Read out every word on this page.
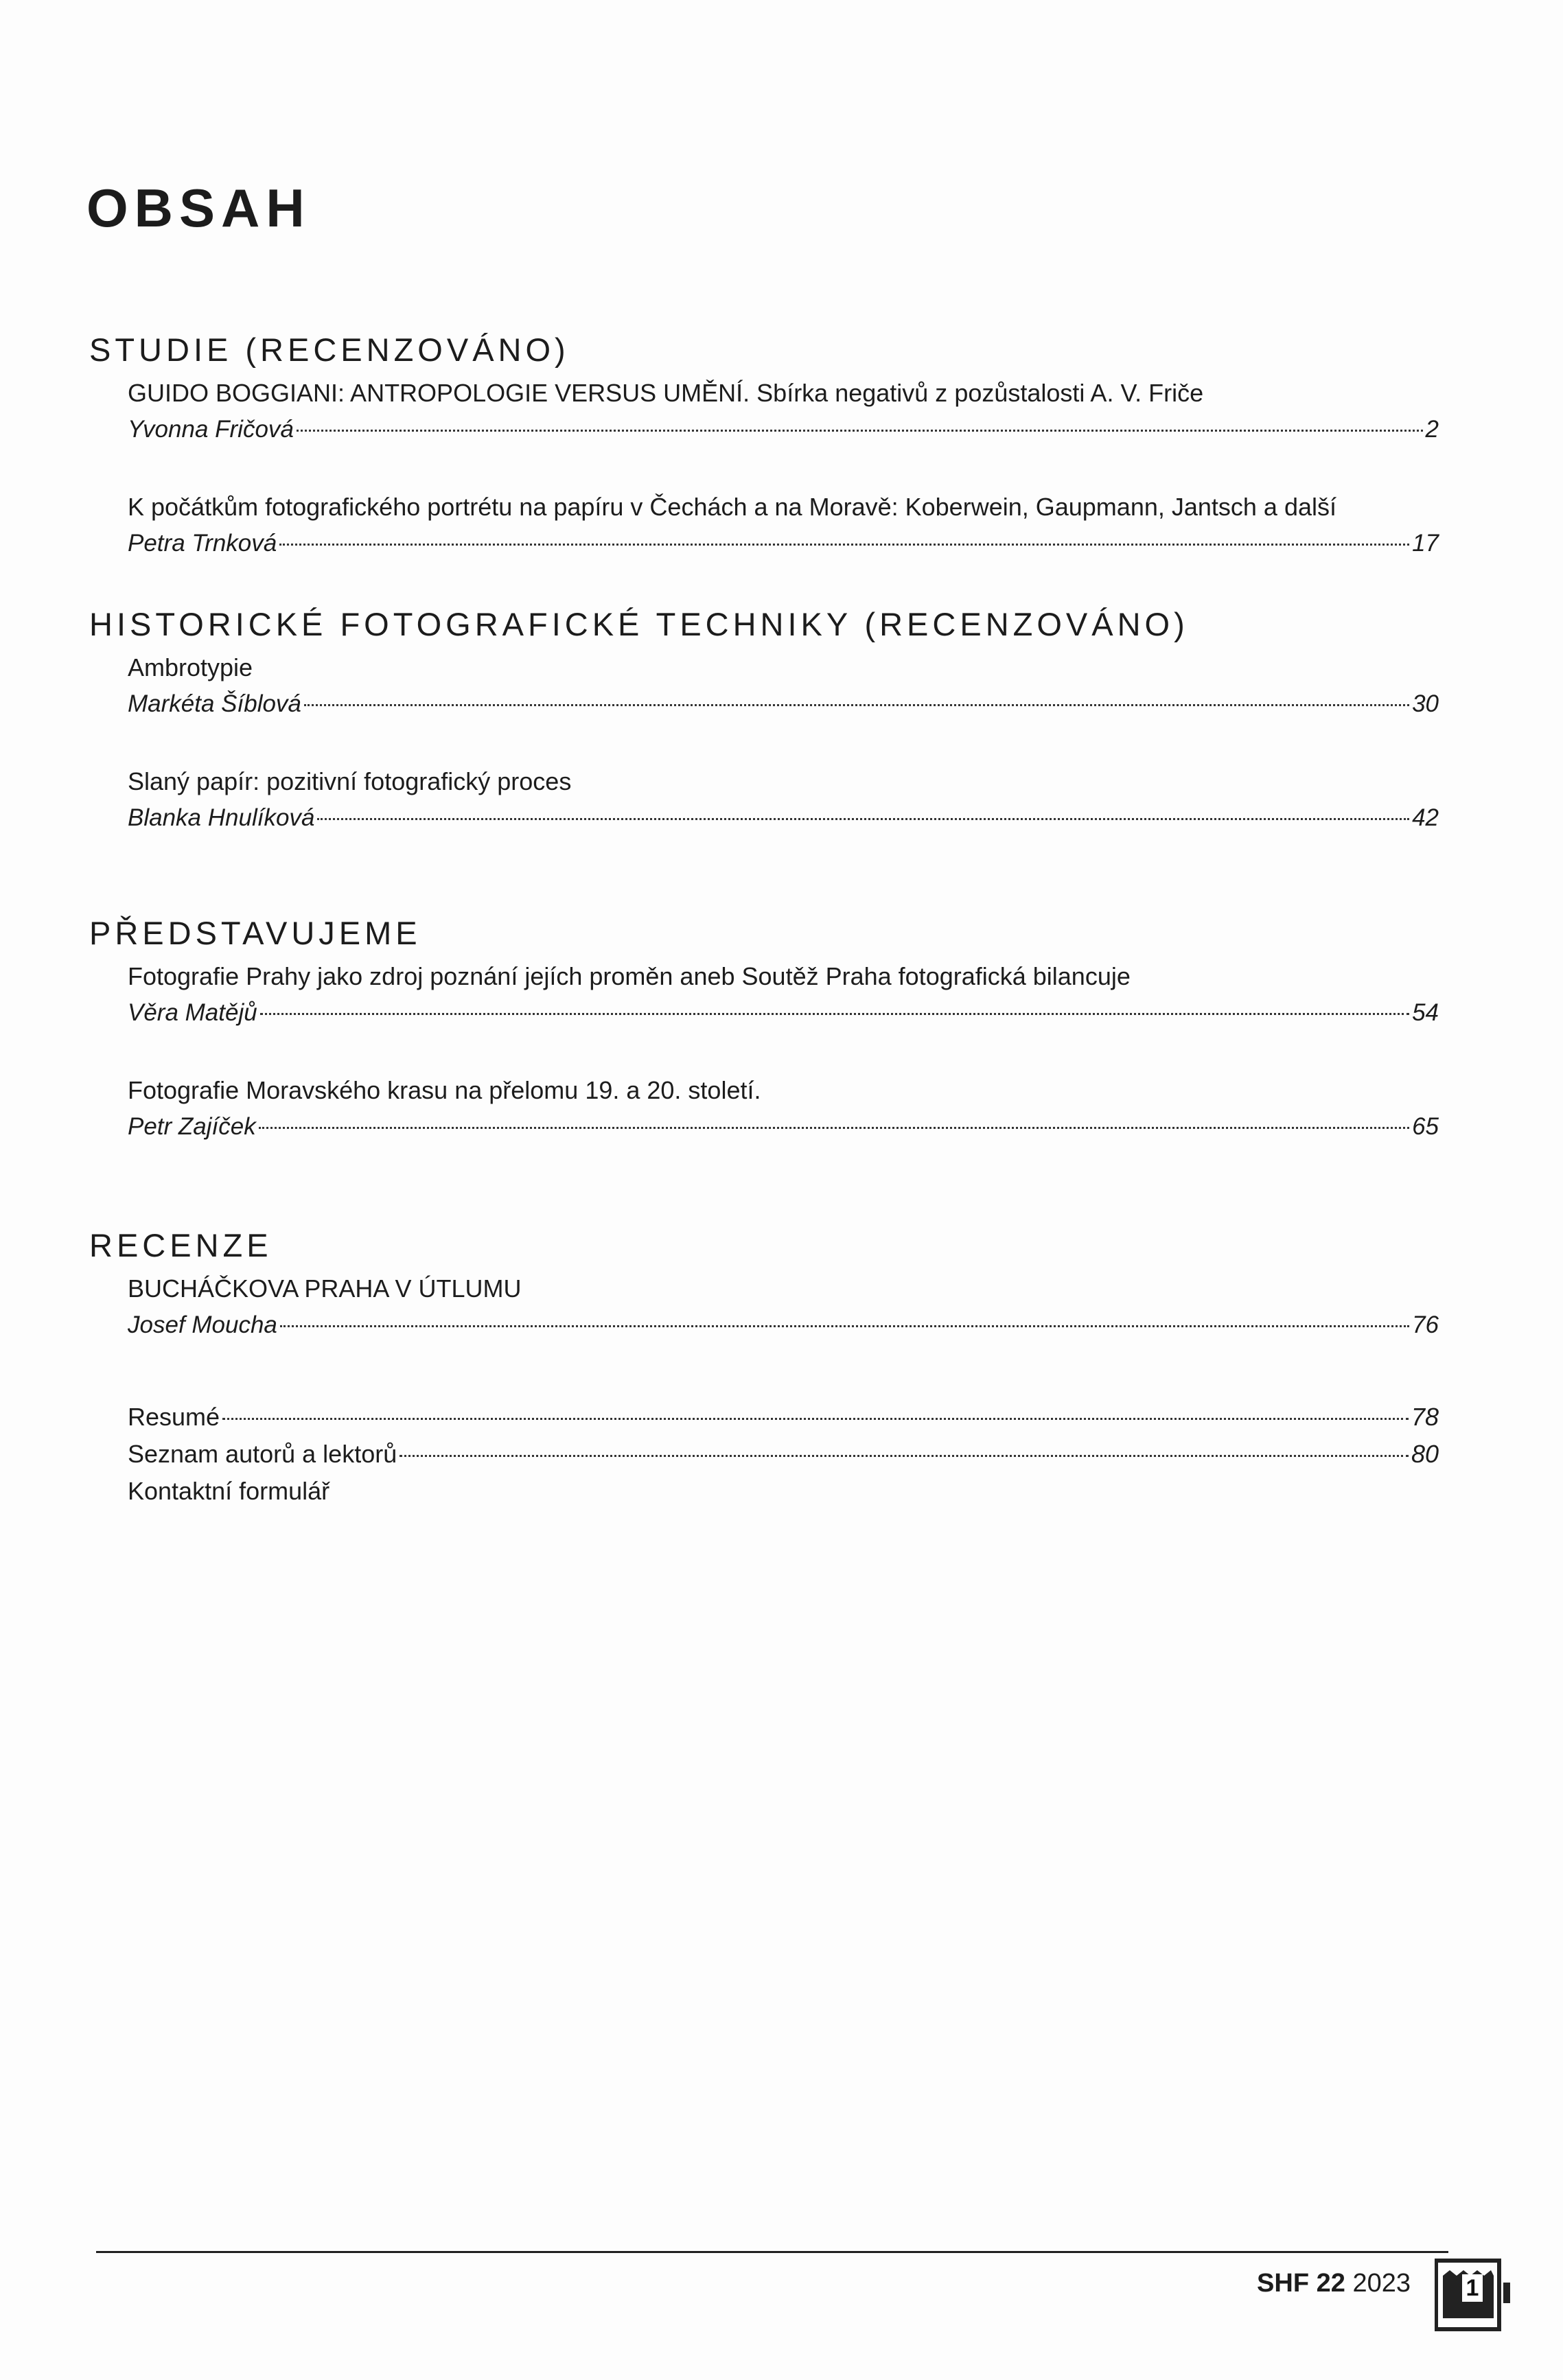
OBSAH
STUDIE (RECENZOVÁNO)
GUIDO BOGGIANI: ANTROPOLOGIE VERSUS UMĚNÍ. Sbírka negativů z pozůstalosti A. V. Friče
Yvonna Fričová	2
K počátkům fotografického portrétu na papíru v Čechách a na Moravě: Koberwein, Gaupmann, Jantsch a další
Petra Trnková	17
HISTORICKÉ FOTOGRAFICKÉ TECHNIKY (RECENZOVÁNO)
Ambrotypie
Markéta Šíblová	30
Slaný papír: pozitivní fotografický proces
Blanka Hnulíková	42
PŘEDSTAVUJEME
Fotografie Prahy jako zdroj poznání jejích proměn aneb Soutěž Praha fotografická bilancuje
Věra Matějů	54
Fotografie Moravského krasu na přelomu 19. a 20. století.
Petr Zajíček	65
RECENZE
BUCHÁČKOVA PRAHA V ÚTLUMU
Josef Moucha	76
Resumé	78
Seznam autorů a lektorů	80
Kontaktní formulář
SHF 22 2023 1
